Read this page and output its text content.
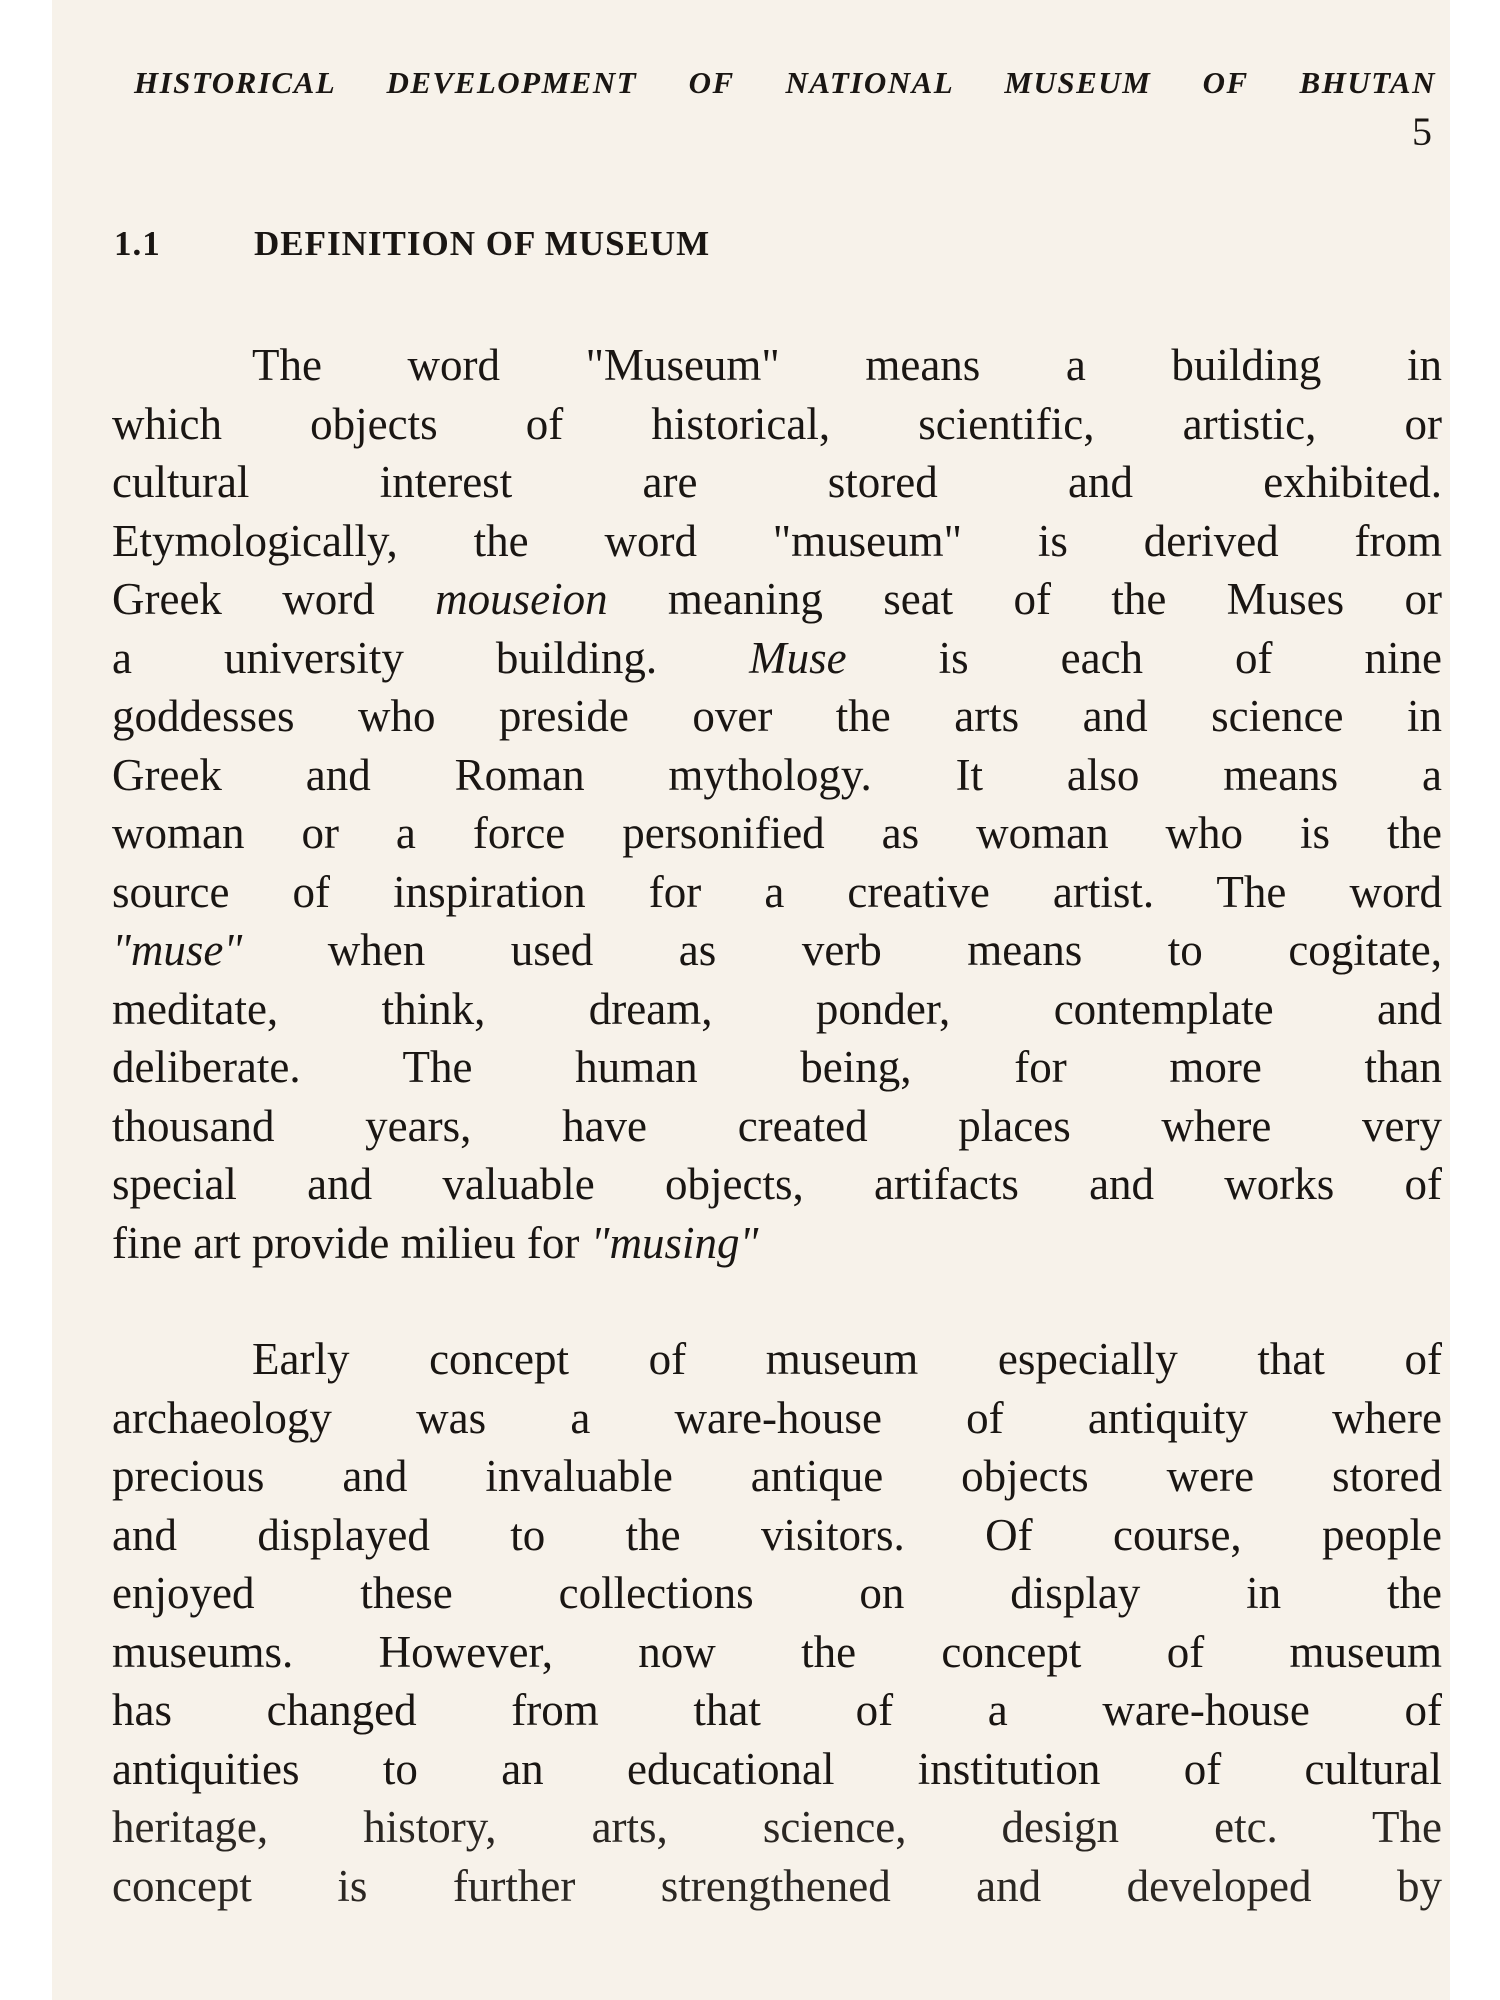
HISTORICAL DEVELOPMENT OF NATIONAL MUSEUM OF BHUTAN
5
1.1	DEFINITION OF MUSEUM
The word "Museum" means a building in
which objects of historical, scientific, artistic, or
cultural interest are stored and exhibited.
Etymologically, the word "museum" is derived from
Greek word mouseion meaning seat of the Muses or
a university building. Muse is each of nine
goddesses who preside over the arts and science in
Greek and Roman mythology. It also means a
woman or a force personified as woman who is the
source of inspiration for a creative artist. The word
"muse" when used as verb means to cogitate,
meditate, think, dream, ponder, contemplate and
deliberate. The human being, for more than
thousand years, have created places where very
special and valuable objects, artifacts and works of
fine art provide milieu for "musing"
Early concept of museum especially that of
archaeology was a ware-house of antiquity where
precious and invaluable antique objects were stored
and displayed to the visitors. Of course, people
enjoyed these collections on display in the
museums. However, now the concept of museum
has changed from that of a ware-house of
antiquities to an educational institution of cultural
heritage, history, arts, science, design etc. The
concept is further strengthened and developed by
